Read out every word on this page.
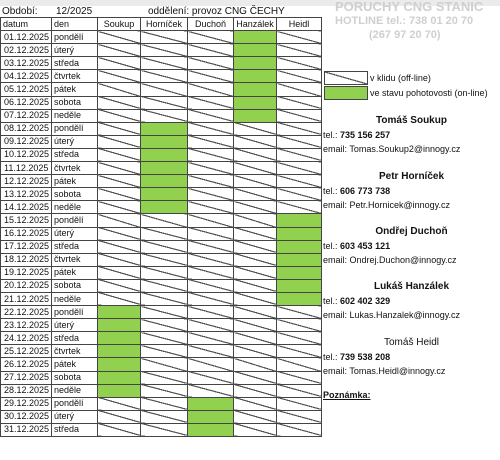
Období:	12/2025	oddělení: provoz CNG ČECHY	PORUCHY CNG STANIC
HOTLINE tel.: 738 01 20 70
(267 97 20 70)
datum	den	Soukup	Horníček	Duchoň	Hanzálek	Heidl
01.12.2025	pondělí					
02.12.2025	úterý					
03.12.2025	středa					
04.12.2025	čtvrtek					
05.12.2025	pátek					
06.12.2025	sobota					
07.12.2025	neděle					
08.12.2025	pondělí					
09.12.2025	úterý					
10.12.2025	středa					
11.12.2025	čtvrtek					
12.12.2025	pátek					
13.12.2025	sobota					
14.12.2025	neděle					
15.12.2025	pondělí					
16.12.2025	úterý					
17.12.2025	středa					
18.12.2025	čtvrtek					
19.12.2025	pátek					
20.12.2025	sobota					
21.12.2025	neděle					
22.12.2025	pondělí					
23.12.2025	úterý					
24.12.2025	středa					
25.12.2025	čtvrtek					
26.12.2025	pátek					
27.12.2025	sobota					
28.12.2025	neděle					
29.12.2025	pondělí					
30.12.2025	úterý					
31.12.2025	středa					
v klidu (off-line)
ve stavu pohotovosti (on-line)
Tomáš Soukup
tel.: 735 156 257
email: Tomas.Soukup2@innogy.cz
Petr Horníček
tel.: 606 773 738
email: Petr.Hornicek@innogy.cz
Ondřej Duchoň
tel.: 603 453 121
email: Ondrej.Duchon@innogy.cz
Lukáš Hanzálek
tel.: 602 402 329
email: Lukas.Hanzalek@innogy.cz
Tomáš Heidl
tel.: 739 538 208
email: Tomas.Heidl@innogy.cz
Poznámka:
